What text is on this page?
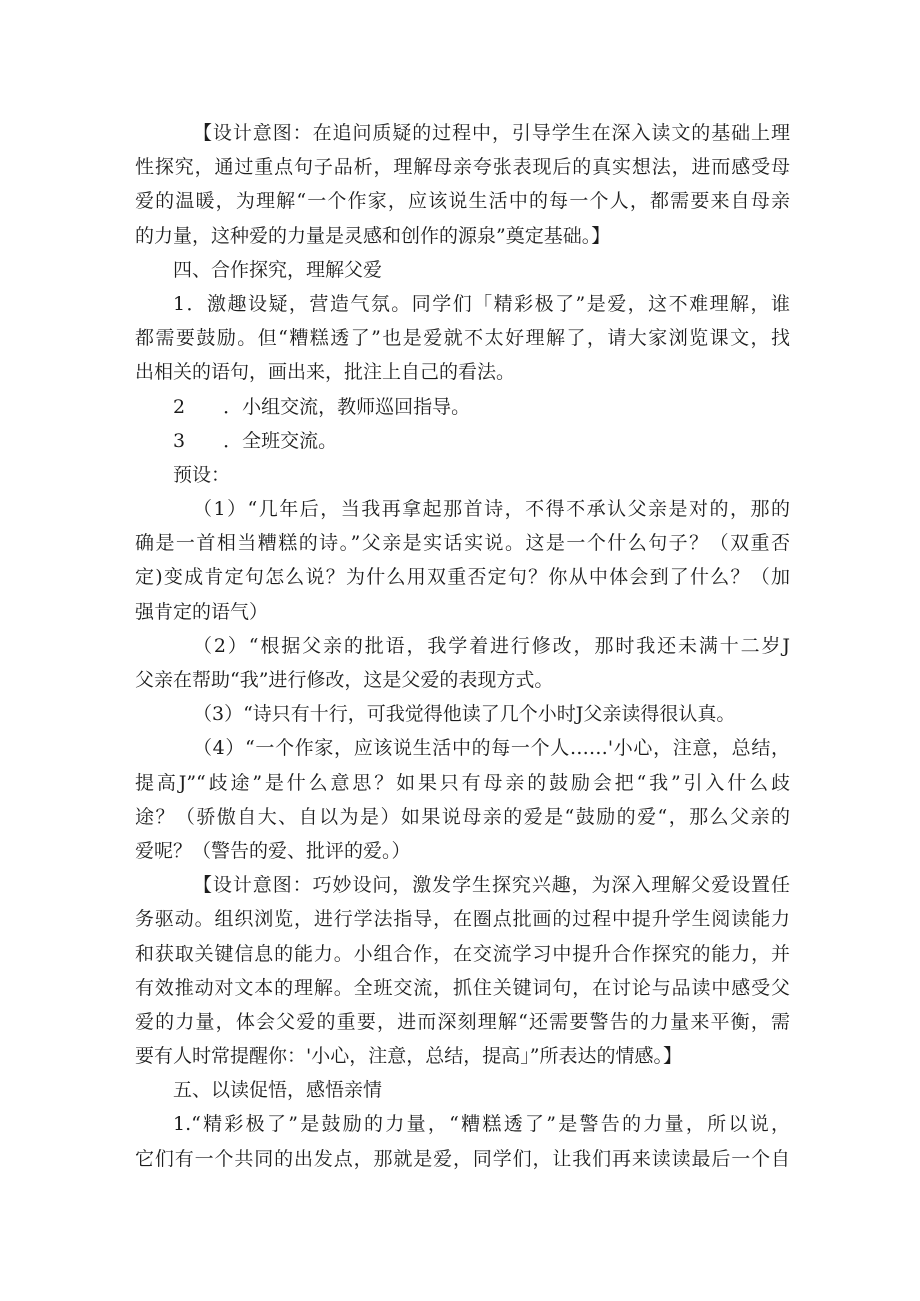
【设计意图：在追问质疑的过程中，引导学生在深入读文的基础上理
性探究，通过重点句子品析，理解母亲夸张表现后的真实想法，进而感受母
爱的温暖，为理解“一个作家，应该说生活中的每一个人，都需要来自母亲
的力量，这种爱的力量是灵感和创作的源泉”奠定基础。】
四、合作探究，理解父爱
1．激趣设疑，营造气氛。同学们「精彩极了”是爱，这不难理解，谁
都需要鼓励。但“糟糕透了”也是爱就不太好理解了，请大家浏览课文，找
出相关的语句，画出来，批注上自己的看法。
2　　．小组交流，教师巡回指导。
3　　．全班交流。
预设：
（1）“几年后，当我再拿起那首诗，不得不承认父亲是对的，那的
确是一首相当糟糕的诗。”父亲是实话实说。这是一个什么句子？（双重否
定)变成肯定句怎么说？为什么用双重否定句？你从中体会到了什么？（加
强肯定的语气）
（2）“根据父亲的批语，我学着进行修改，那时我还未满十二岁J
父亲在帮助“我”进行修改，这是父爱的表现方式。
（3）“诗只有十行，可我觉得他读了几个小时J父亲读得很认真。
（4）“一个作家，应该说生活中的每一个人……'小心，注意，总结，
提高J”“歧途”是什么意思？如果只有母亲的鼓励会把“我”引入什么歧
途？（骄傲自大、自以为是）如果说母亲的爱是“鼓励的爱“，那么父亲的
爱呢？（警告的爱、批评的爱。）
【设计意图：巧妙设问，激发学生探究兴趣，为深入理解父爱设置任
务驱动。组织浏览，进行学法指导，在圈点批画的过程中提升学生阅读能力
和获取关键信息的能力。小组合作，在交流学习中提升合作探究的能力，并
有效推动对文本的理解。全班交流，抓住关键词句，在讨论与品读中感受父
爱的力量，体会父爱的重要，进而深刻理解“还需要警告的力量来平衡，需
要有人时常提醒你：'小心，注意，总结，提高」”所表达的情感。】
五、以读促悟，感悟亲情
1.“精彩极了”是鼓励的力量，“糟糕透了”是警告的力量，所以说，
它们有一个共同的出发点，那就是爱，同学们，让我们再来读读最后一个自
